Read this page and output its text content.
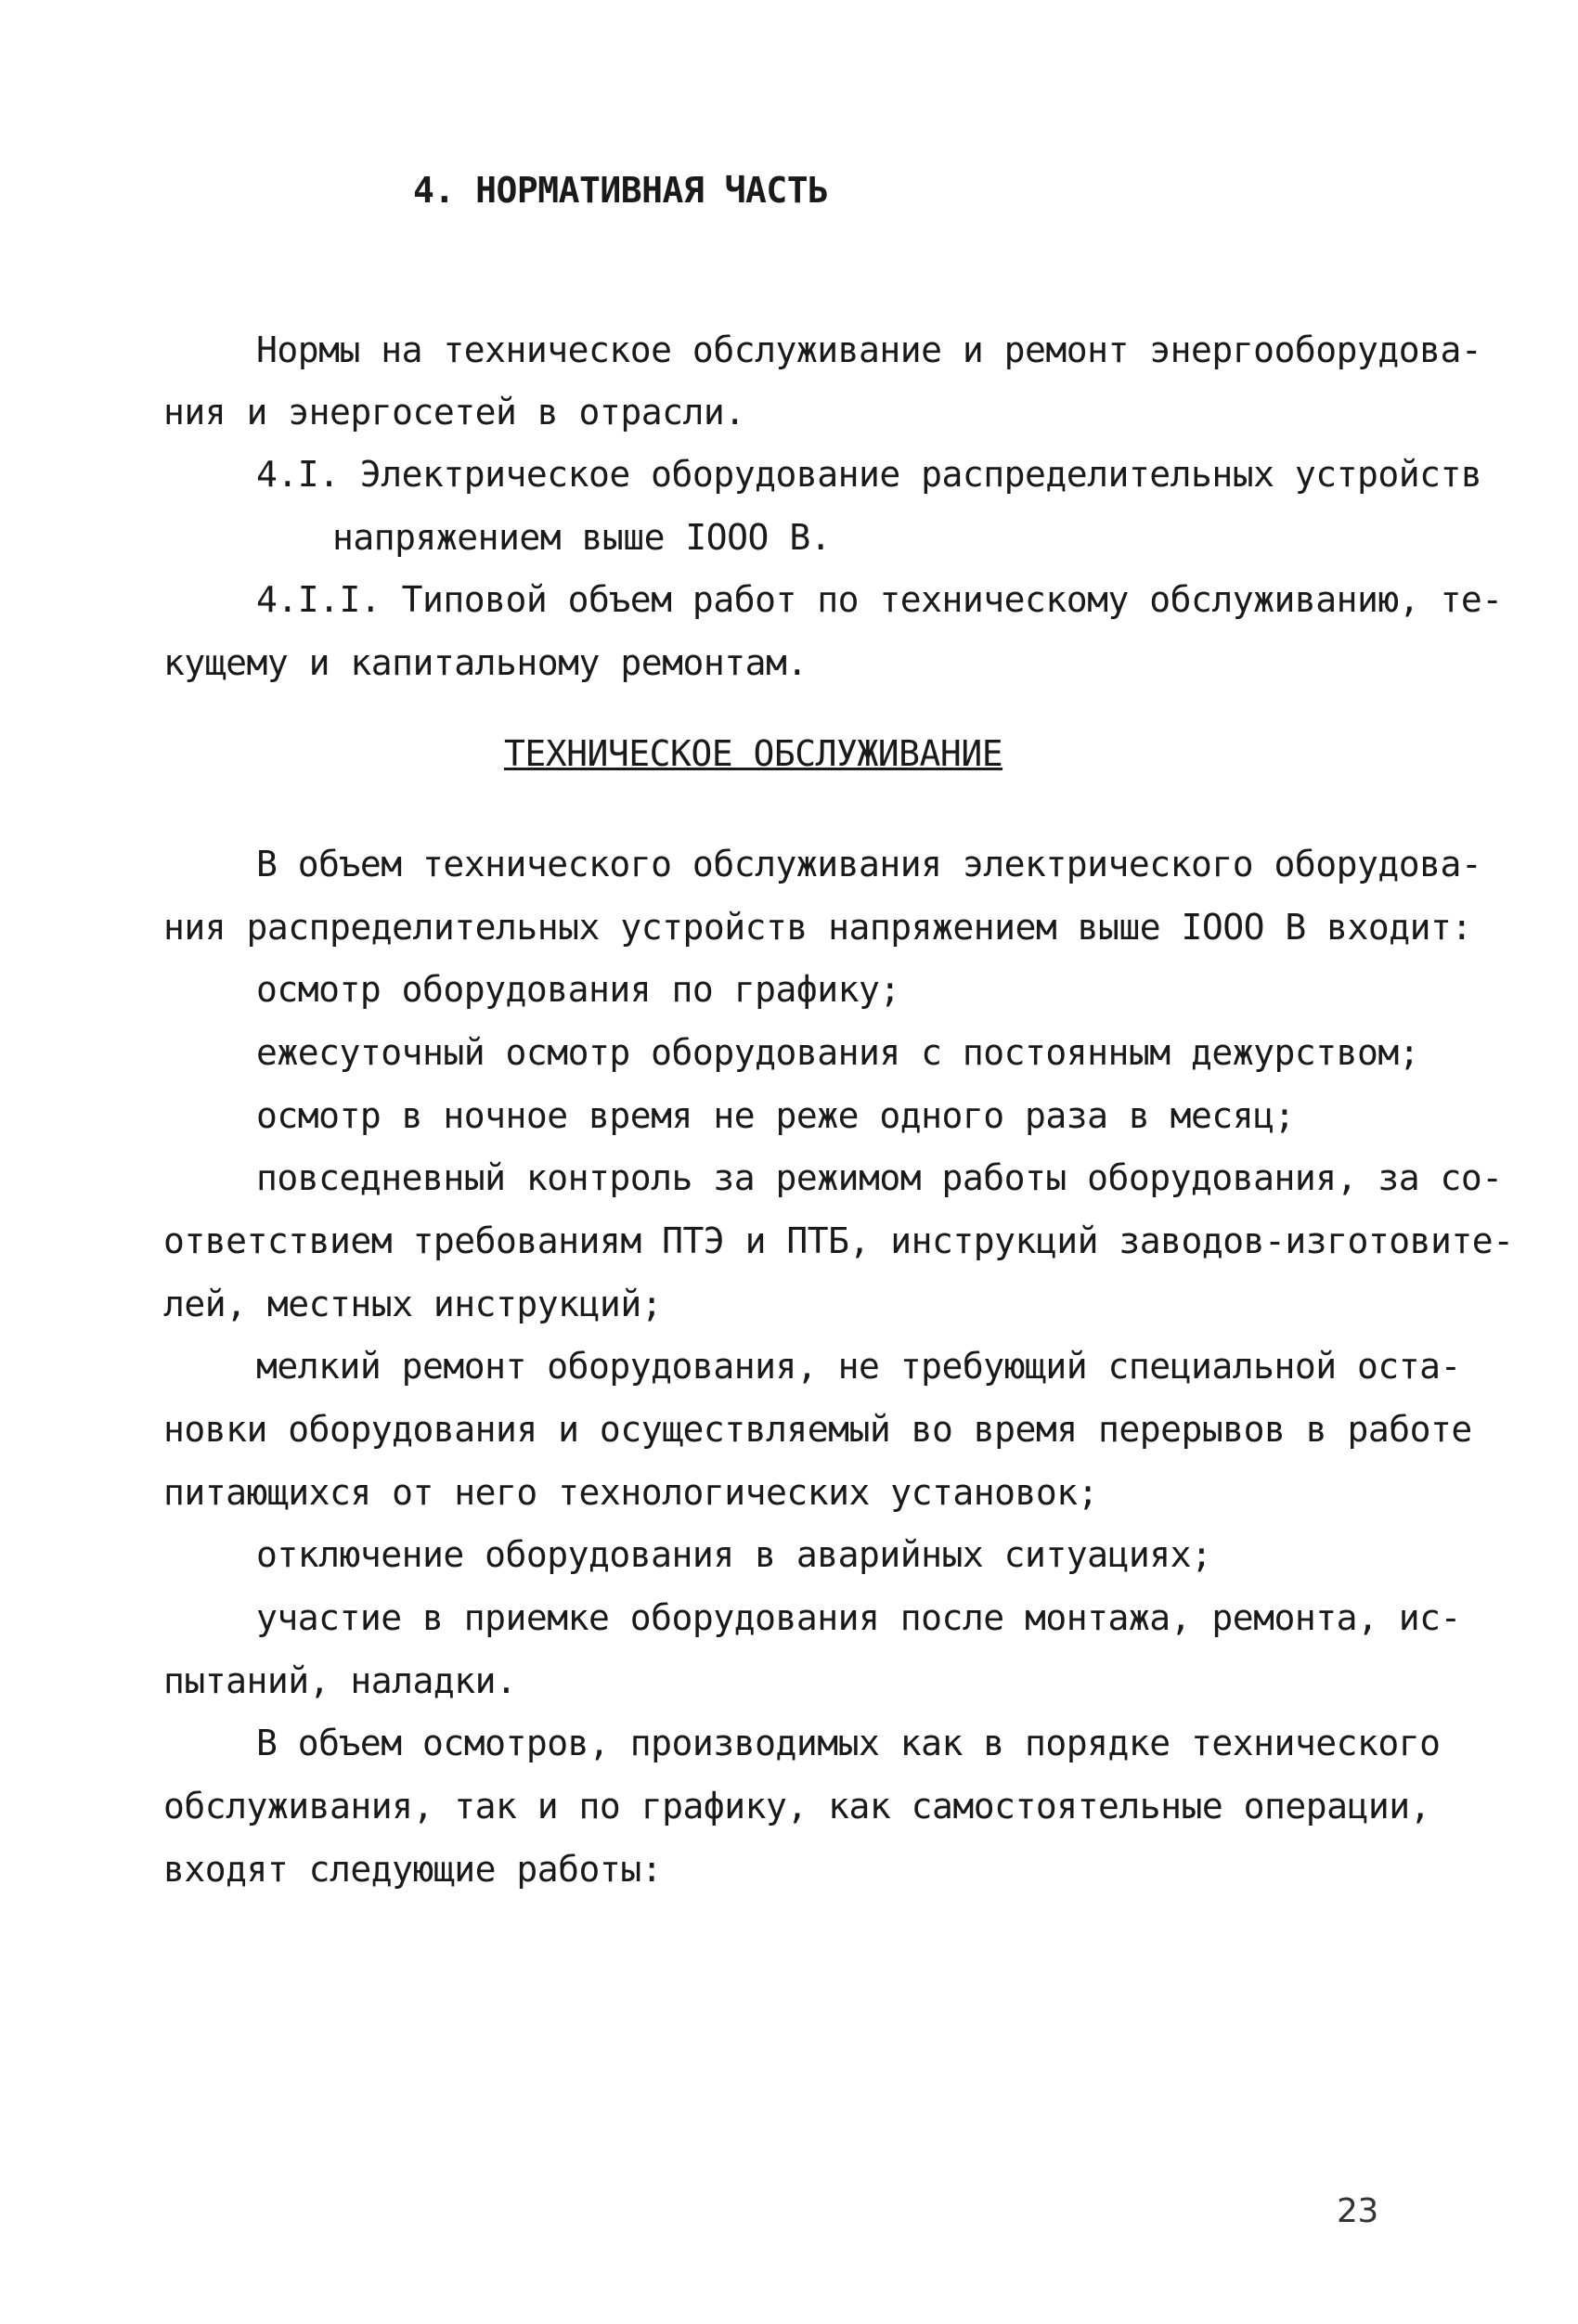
4. НОРМАТИВНАЯ ЧАСТЬ
Нормы на техническое обслуживание и ремонт энергооборудова-
ния и энергосетей в отрасли.
4.I. Электрическое оборудование распределительных устройств
напряжением выше IOOO В.
4.I.I. Типовой объем работ по техническому обслуживанию, те-
кущему и капитальному ремонтам.
ТЕХНИЧЕСКОЕ ОБСЛУЖИВАНИЕ
В объем технического обслуживания электрического оборудова-
ния распределительных устройств напряжением выше IOOO В входит:
осмотр оборудования по графику;
ежесуточный осмотр оборудования с постоянным дежурством;
осмотр в ночное время не реже одного раза в месяц;
повседневный контроль за режимом работы оборудования, за со-
ответствием требованиям ПТЭ и ПТБ, инструкций заводов-изготовите-
лей, местных инструкций;
мелкий ремонт оборудования, не требующий специальной оста-
новки оборудования и осуществляемый во время перерывов в работе
питающихся от него технологических установок;
отключение оборудования в аварийных ситуациях;
участие в приемке оборудования после монтажа, ремонта, ис-
пытаний, наладки.
В объем осмотров, производимых как в порядке технического
обслуживания, так и по графику, как самостоятельные операции,
входят следующие работы:
23
